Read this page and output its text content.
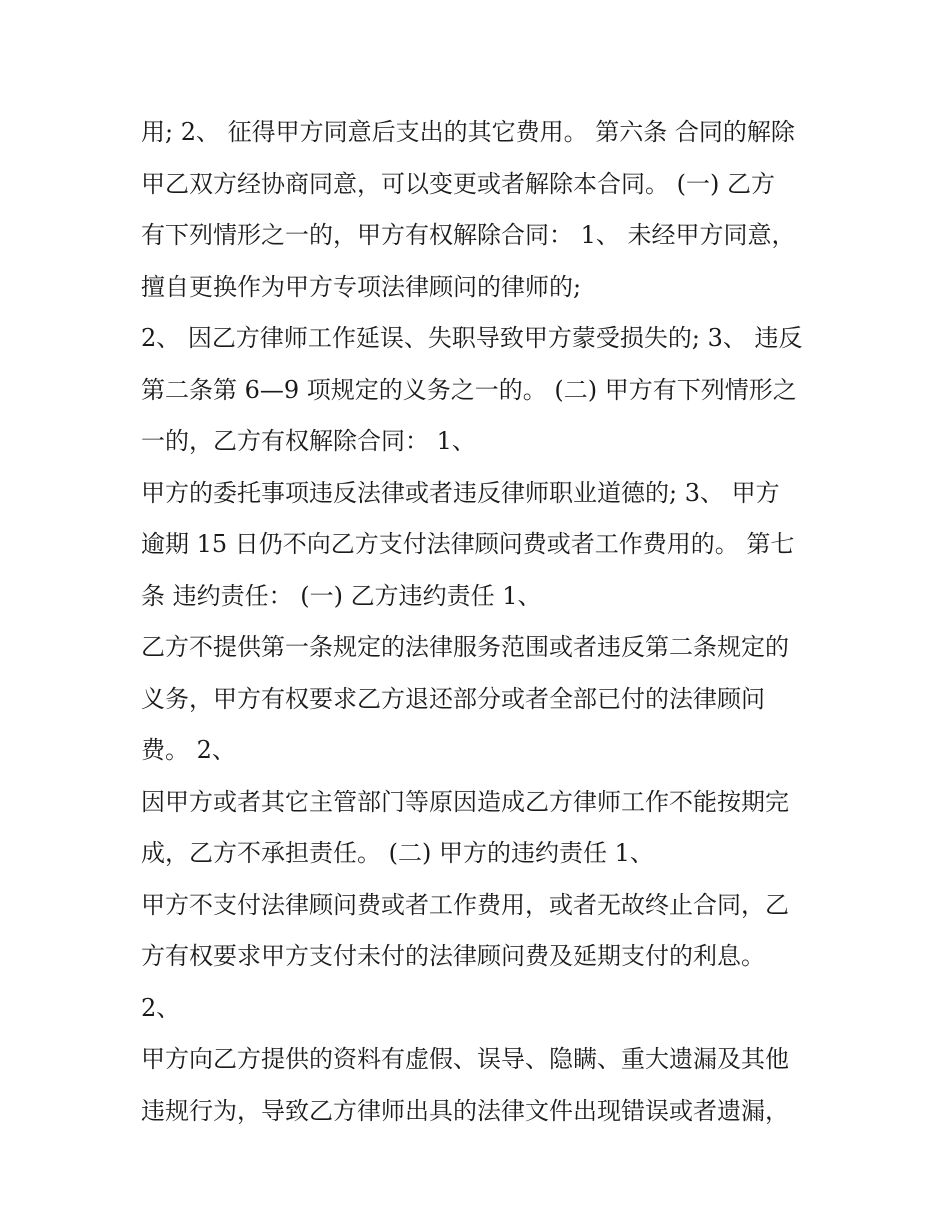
用; 2、 征得甲方同意后支出的其它费用。 第六条 合同的解除
甲乙双方经协商同意，可以变更或者解除本合同。 (一) 乙方
有下列情形之一的，甲方有权解除合同： 1、 未经甲方同意，
擅自更换作为甲方专项法律顾问的律师的;
2、 因乙方律师工作延误、失职导致甲方蒙受损失的; 3、 违反
第二条第 6—9 项规定的义务之一的。 (二) 甲方有下列情形之
一的，乙方有权解除合同： 1、
甲方的委托事项违反法律或者违反律师职业道德的; 3、 甲方
逾期 15 日仍不向乙方支付法律顾问费或者工作费用的。 第七
条 违约责任： (一) 乙方违约责任 1、
乙方不提供第一条规定的法律服务范围或者违反第二条规定的
义务，甲方有权要求乙方退还部分或者全部已付的法律顾问
费。 2、
因甲方或者其它主管部门等原因造成乙方律师工作不能按期完
成，乙方不承担责任。 (二) 甲方的违约责任 1、
甲方不支付法律顾问费或者工作费用，或者无故终止合同，乙
方有权要求甲方支付未付的法律顾问费及延期支付的利息。
2、
甲方向乙方提供的资料有虚假、误导、隐瞒、重大遗漏及其他
违规行为，导致乙方律师出具的法律文件出现错误或者遗漏，
